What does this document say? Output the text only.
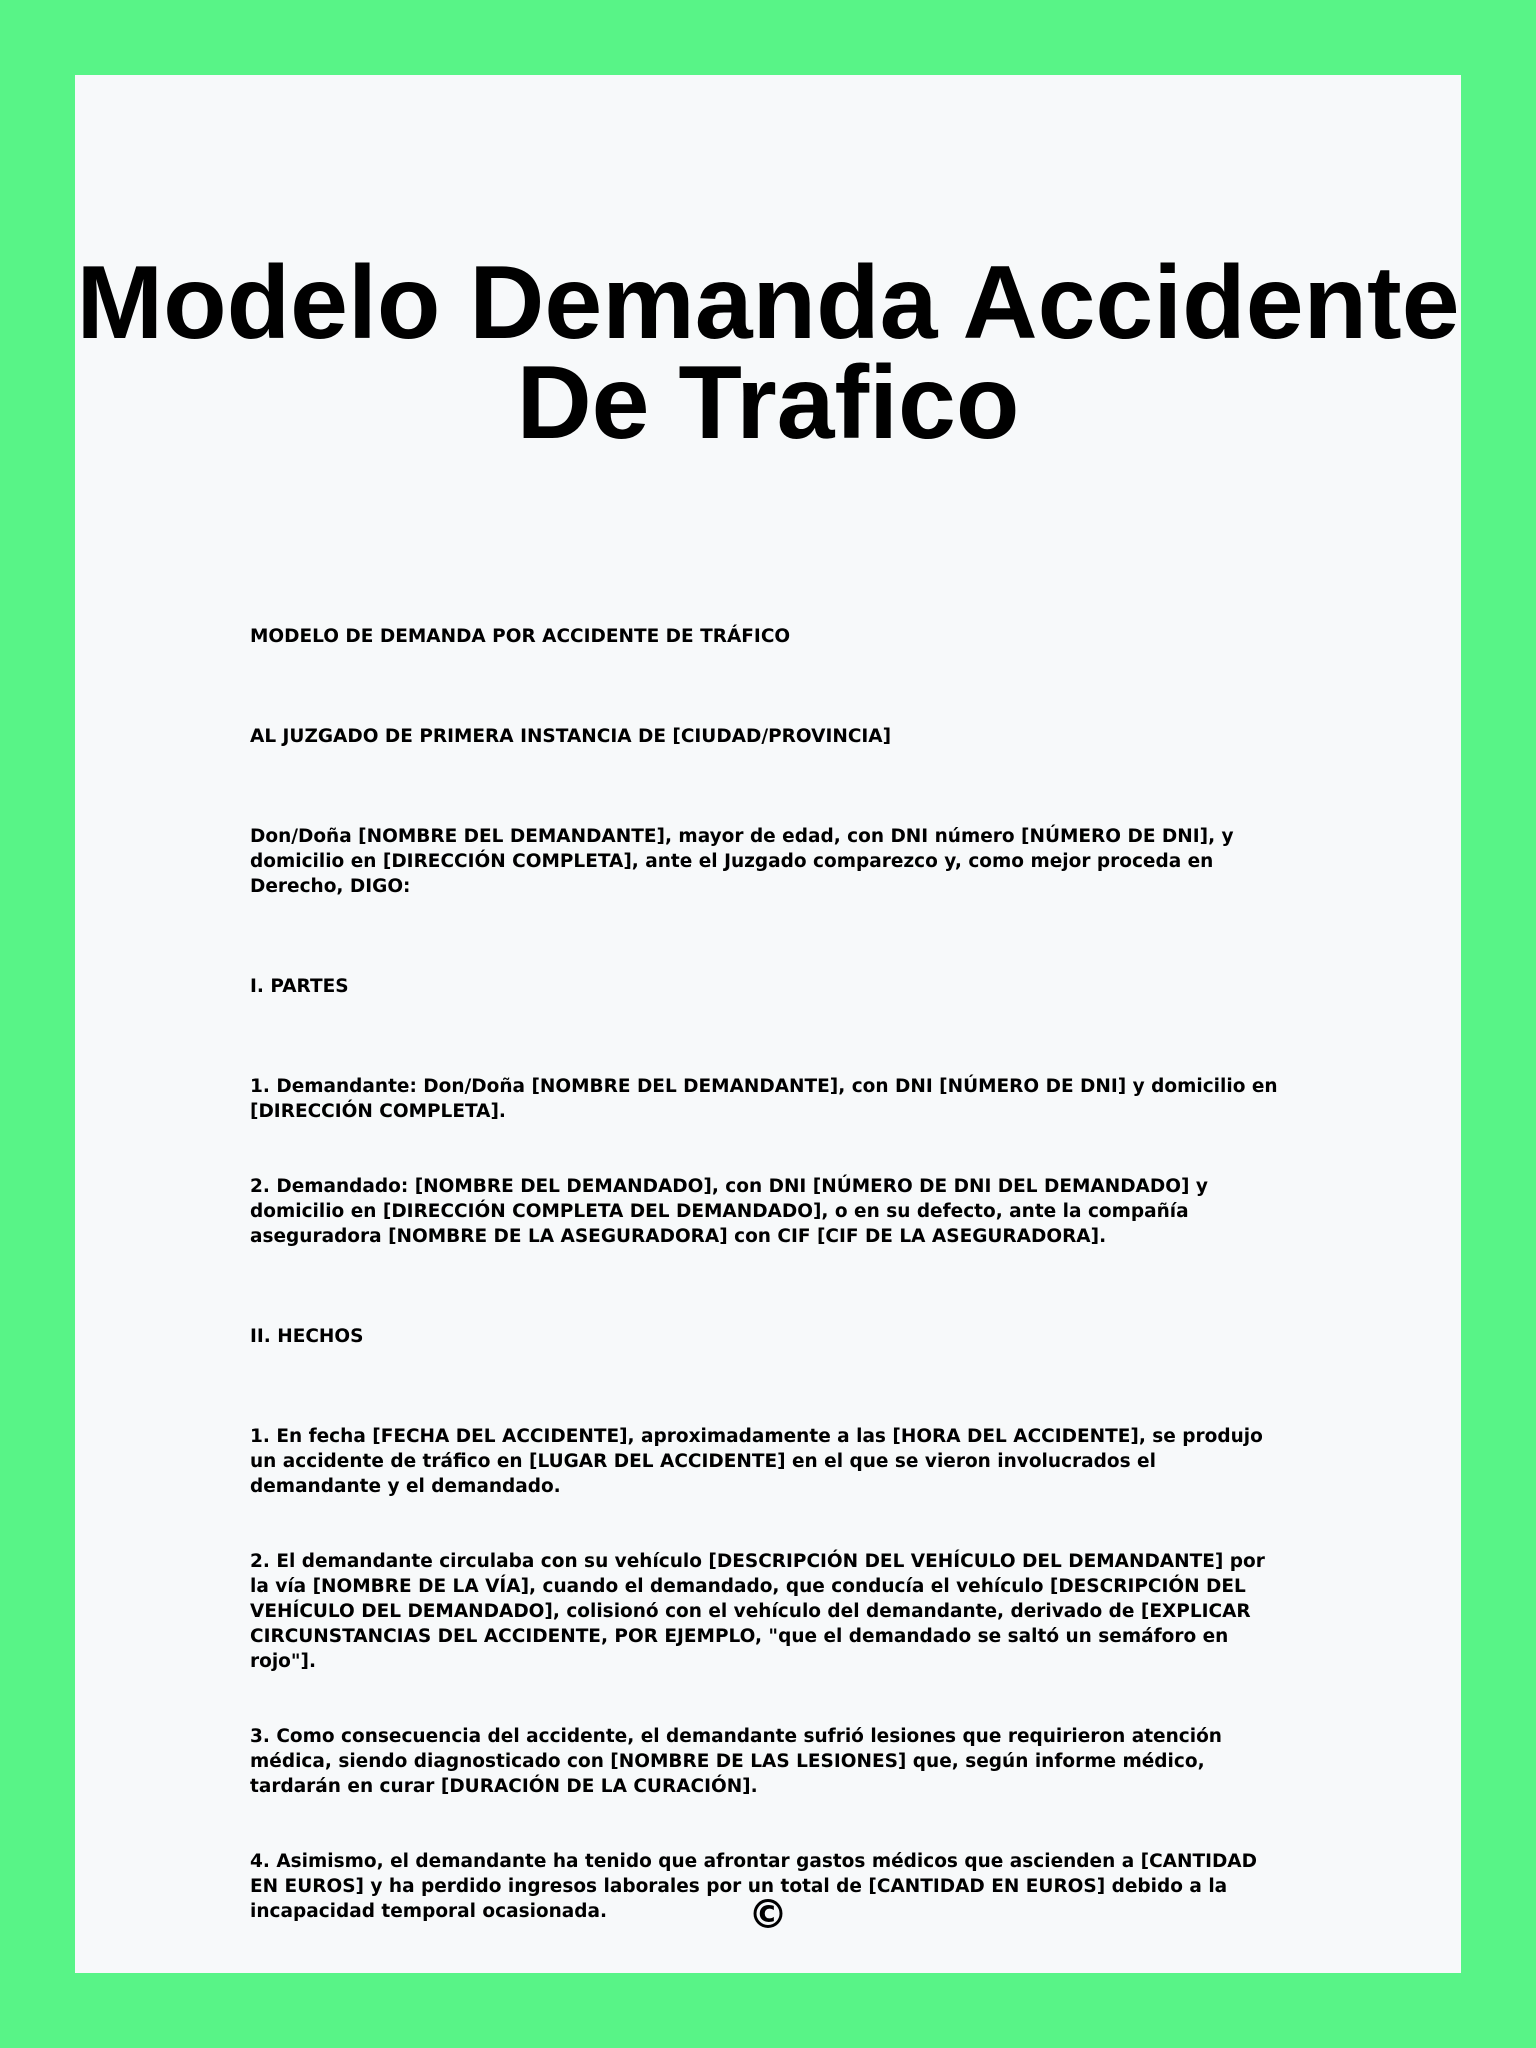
Modelo Demanda Accidente De Trafico

MODELO DE DEMANDA POR ACCIDENTE DE TRÁFICO

AL JUZGADO DE PRIMERA INSTANCIA DE [CIUDAD/PROVINCIA]

Don/Doña [NOMBRE DEL DEMANDANTE], mayor de edad, con DNI número [NÚMERO DE DNI], y domicilio en [DIRECCIÓN COMPLETA], ante el Juzgado comparezco y, como mejor proceda en Derecho, DIGO:

I. PARTES

1. Demandante: Don/Doña [NOMBRE DEL DEMANDANTE], con DNI [NÚMERO DE DNI] y domicilio en [DIRECCIÓN COMPLETA].

2. Demandado: [NOMBRE DEL DEMANDADO], con DNI [NÚMERO DE DNI DEL DEMANDADO] y domicilio en [DIRECCIÓN COMPLETA DEL DEMANDADO], o en su defecto, ante la compañía aseguradora [NOMBRE DE LA ASEGURADORA] con CIF [CIF DE LA ASEGURADORA].

II. HECHOS

1. En fecha [FECHA DEL ACCIDENTE], aproximadamente a las [HORA DEL ACCIDENTE], se produjo un accidente de tráfico en [LUGAR DEL ACCIDENTE] en el que se vieron involucrados el demandante y el demandado.

2. El demandante circulaba con su vehículo [DESCRIPCIÓN DEL VEHÍCULO DEL DEMANDANTE] por la vía [NOMBRE DE LA VÍA], cuando el demandado, que conducía el vehículo [DESCRIPCIÓN DEL VEHÍCULO DEL DEMANDADO], colisionó con el vehículo del demandante, derivado de [EXPLICAR CIRCUNSTANCIAS DEL ACCIDENTE, POR EJEMPLO, "que el demandado se saltó un semáforo en rojo"].

3. Como consecuencia del accidente, el demandante sufrió lesiones que requirieron atención médica, siendo diagnosticado con [NOMBRE DE LAS LESIONES] que, según informe médico, tardarán en curar [DURACIÓN DE LA CURACIÓN].

4. Asimismo, el demandante ha tenido que afrontar gastos médicos que ascienden a [CANTIDAD EN EUROS] y ha perdido ingresos laborales por un total de [CANTIDAD EN EUROS] debido a la incapacidad temporal ocasionada.	©
